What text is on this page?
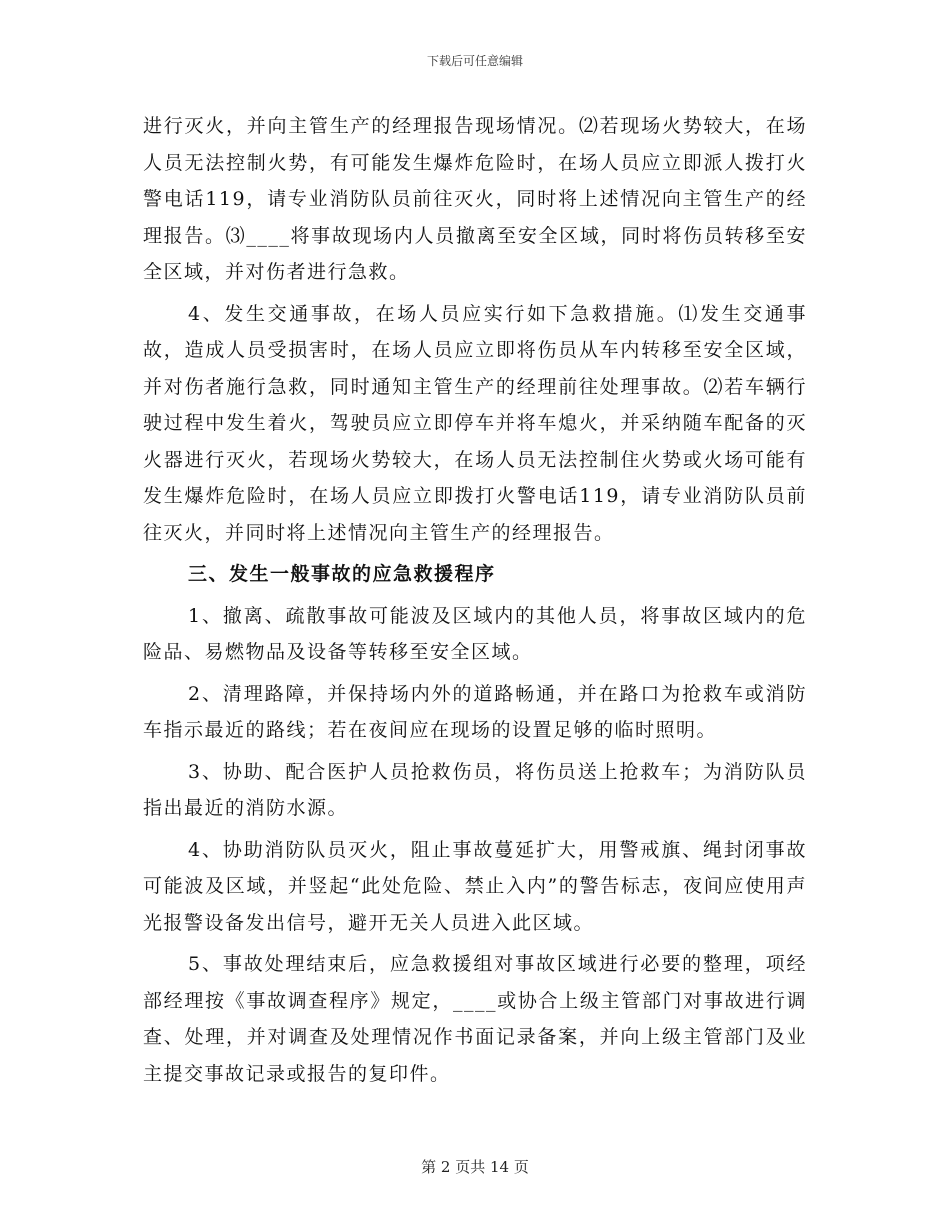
下载后可任意编辑

进行灭火，并向主管生产的经理报告现场情况。⑵若现场火势较大，在场人员无法控制火势，有可能发生爆炸危险时，在场人员应立即派人拨打火警电话119，请专业消防队员前往灭火，同时将上述情况向主管生产的经理报告。⑶____将事故现场内人员撤离至安全区域，同时将伤员转移至安全区域，并对伤者进行急救。

4、发生交通事故，在场人员应实行如下急救措施。⑴发生交通事故，造成人员受损害时，在场人员应立即将伤员从车内转移至安全区域，并对伤者施行急救，同时通知主管生产的经理前往处理事故。⑵若车辆行驶过程中发生着火，驾驶员应立即停车并将车熄火，并采纳随车配备的灭火器进行灭火，若现场火势较大，在场人员无法控制住火势或火场可能有发生爆炸危险时，在场人员应立即拨打火警电话119，请专业消防队员前往灭火，并同时将上述情况向主管生产的经理报告。

三、发生一般事故的应急救援程序

1、撤离、疏散事故可能波及区域内的其他人员，将事故区域内的危险品、易燃物品及设备等转移至安全区域。

2、清理路障，并保持场内外的道路畅通，并在路口为抢救车或消防车指示最近的路线；若在夜间应在现场的设置足够的临时照明。

3、协助、配合医护人员抢救伤员，将伤员送上抢救车；为消防队员指出最近的消防水源。

4、协助消防队员灭火，阻止事故蔓延扩大，用警戒旗、绳封闭事故可能波及区域，并竖起“此处危险、禁止入内”的警告标志，夜间应使用声光报警设备发出信号，避开无关人员进入此区域。

5、事故处理结束后，应急救援组对事故区域进行必要的整理，项经部经理按《事故调查程序》规定，____或协合上级主管部门对事故进行调查、处理，并对调查及处理情况作书面记录备案，并向上级主管部门及业主提交事故记录或报告的复印件。

第 2 页共 14 页
